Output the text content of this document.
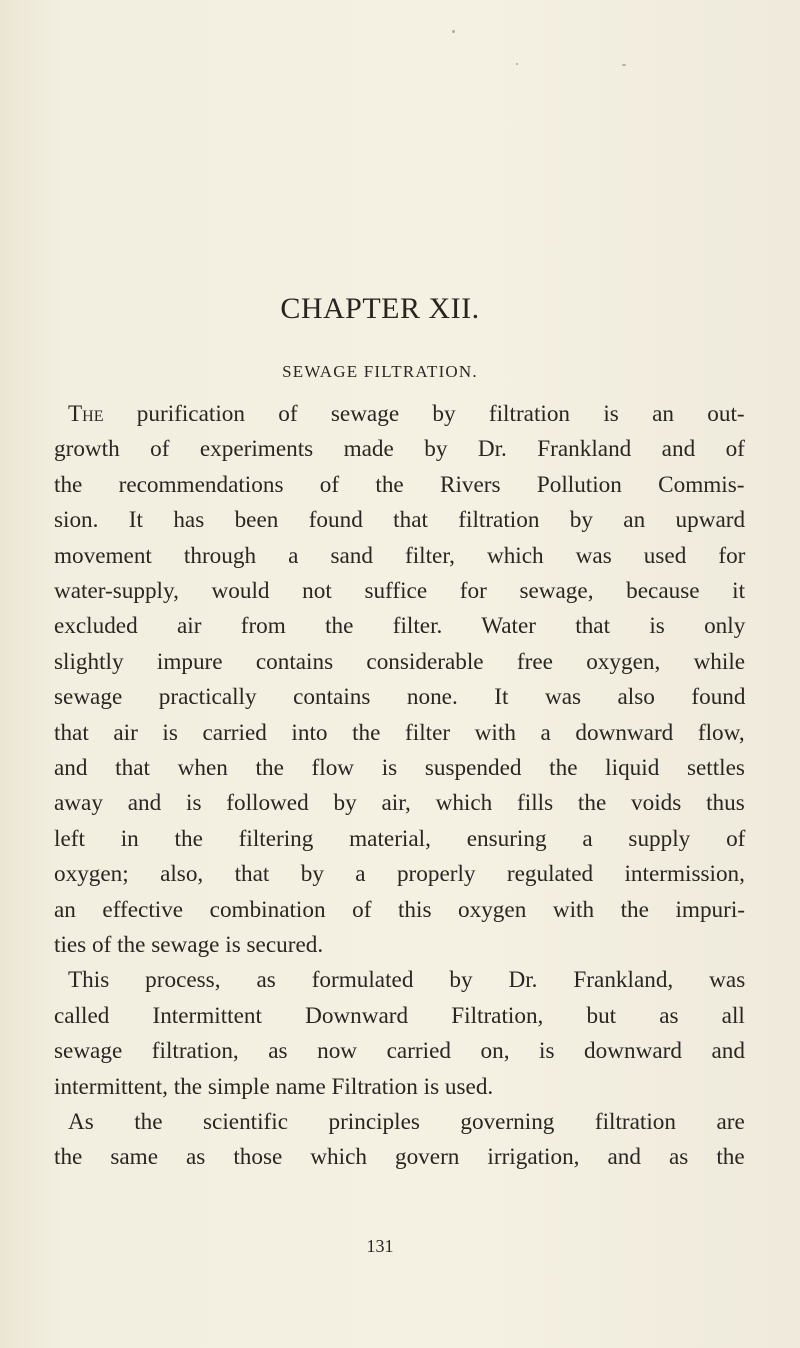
CHAPTER XII.
SEWAGE FILTRATION.
The purification of sewage by filtration is an out-
growth of experiments made by Dr. Frankland and of
the recommendations of the Rivers Pollution Commis-
sion. It has been found that filtration by an upward
movement through a sand filter, which was used for
water-supply, would not suffice for sewage, because it
excluded air from the filter. Water that is only
slightly impure contains considerable free oxygen, while
sewage practically contains none. It was also found
that air is carried into the filter with a downward flow,
and that when the flow is suspended the liquid settles
away and is followed by air, which fills the voids thus
left in the filtering material, ensuring a supply of
oxygen; also, that by a properly regulated intermission,
an effective combination of this oxygen with the impuri-
ties of the sewage is secured.
This process, as formulated by Dr. Frankland, was
called Intermittent Downward Filtration, but as all
sewage filtration, as now carried on, is downward and
intermittent, the simple name Filtration is used.
As the scientific principles governing filtration are
the same as those which govern irrigation, and as the
131
